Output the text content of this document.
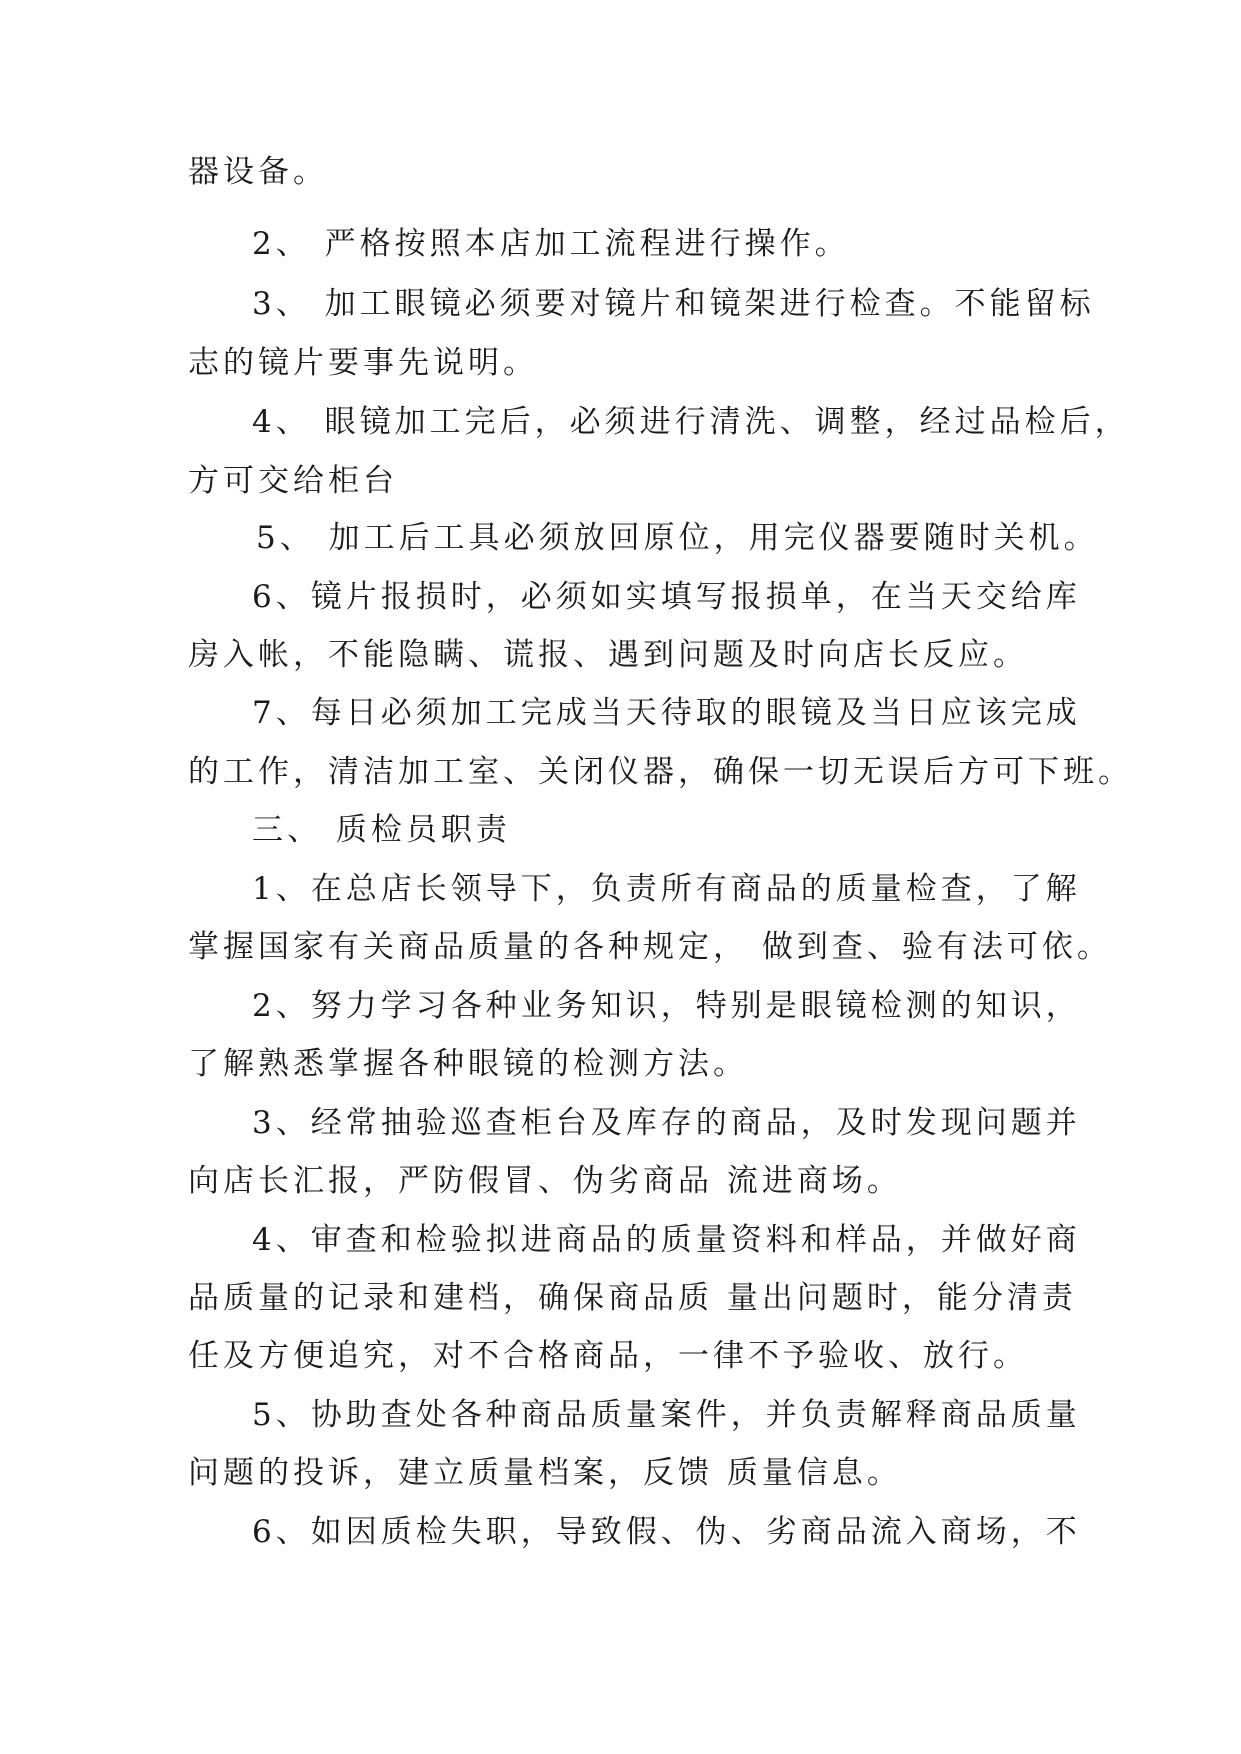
器设备。
2、 严格按照本店加工流程进行操作。
3、 加工眼镜必须要对镜片和镜架进行检查。不能留标
志的镜片要事先说明。
4、 眼镜加工完后，必须进行清洗、调整，经过品检后，
方可交给柜台
5、 加工后工具必须放回原位，用完仪器要随时关机。
6、镜片报损时，必须如实填写报损单，在当天交给库
房入帐，不能隐瞒、谎报、遇到问题及时向店长反应。
7、每日必须加工完成当天待取的眼镜及当日应该完成
的工作，清洁加工室、关闭仪器，确保一切无误后方可下班。
三、 质检员职责
1、在总店长领导下，负责所有商品的质量检查，了解
掌握国家有关商品质量的各种规定， 做到查、验有法可依。
2、努力学习各种业务知识，特别是眼镜检测的知识，
了解熟悉掌握各种眼镜的检测方法。
3、经常抽验巡查柜台及库存的商品，及时发现问题并
向店长汇报，严防假冒、伪劣商品 流进商场。
4、审查和检验拟进商品的质量资料和样品，并做好商
品质量的记录和建档，确保商品质 量出问题时，能分清责
任及方便追究，对不合格商品，一律不予验收、放行。
5、协助查处各种商品质量案件，并负责解释商品质量
问题的投诉，建立质量档案，反馈 质量信息。
6、如因质检失职，导致假、伪、劣商品流入商场，不
